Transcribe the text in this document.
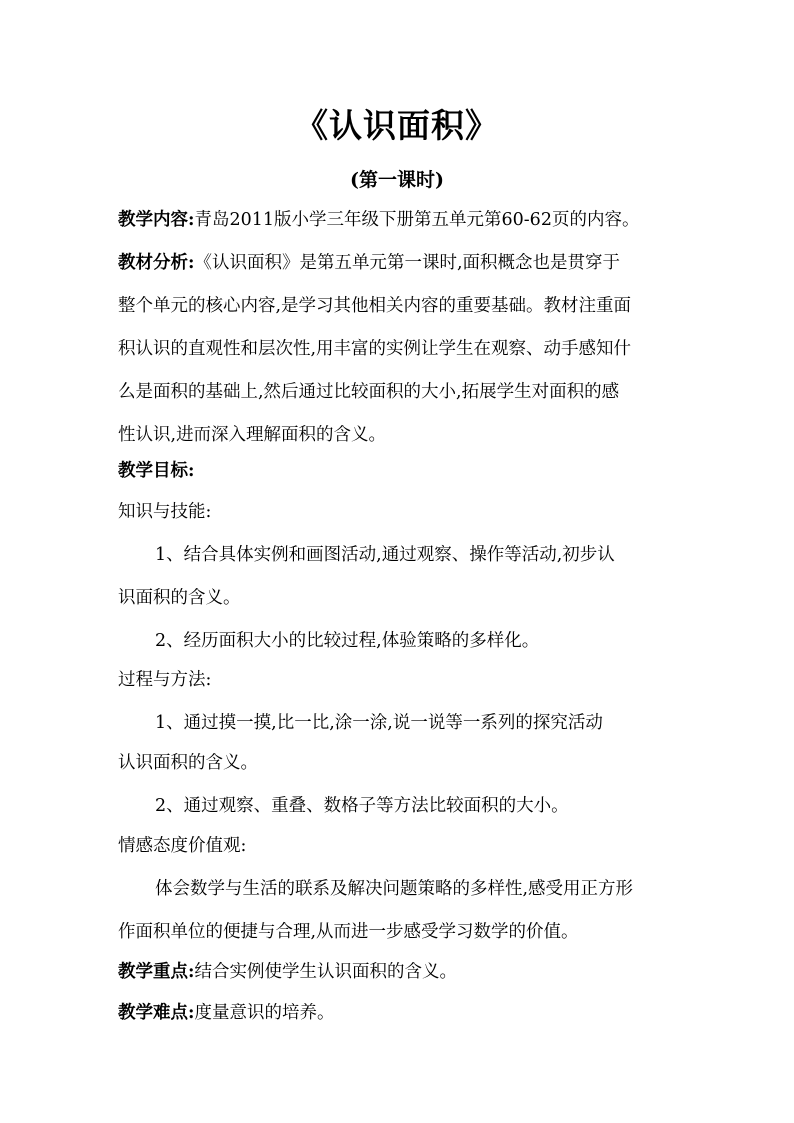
《认识面积》
(第一课时)
教学内容:青岛2011版小学三年级下册第五单元第60-62页的内容。
教材分析:《认识面积》是第五单元第一课时,面积概念也是贯穿于
整个单元的核心内容,是学习其他相关内容的重要基础。教材注重面
积认识的直观性和层次性,用丰富的实例让学生在观察、动手感知什
么是面积的基础上,然后通过比较面积的大小,拓展学生对面积的感
性认识,进而深入理解面积的含义。
教学目标:
知识与技能:
1、结合具体实例和画图活动,通过观察、操作等活动,初步认
识面积的含义。
2、经历面积大小的比较过程,体验策略的多样化。
过程与方法:
1、通过摸一摸,比一比,涂一涂,说一说等一系列的探究活动
认识面积的含义。
2、通过观察、重叠、数格子等方法比较面积的大小。
情感态度价值观:
体会数学与生活的联系及解决问题策略的多样性,感受用正方形
作面积单位的便捷与合理,从而进一步感受学习数学的价值。
教学重点:结合实例使学生认识面积的含义。
教学难点:度量意识的培养。
